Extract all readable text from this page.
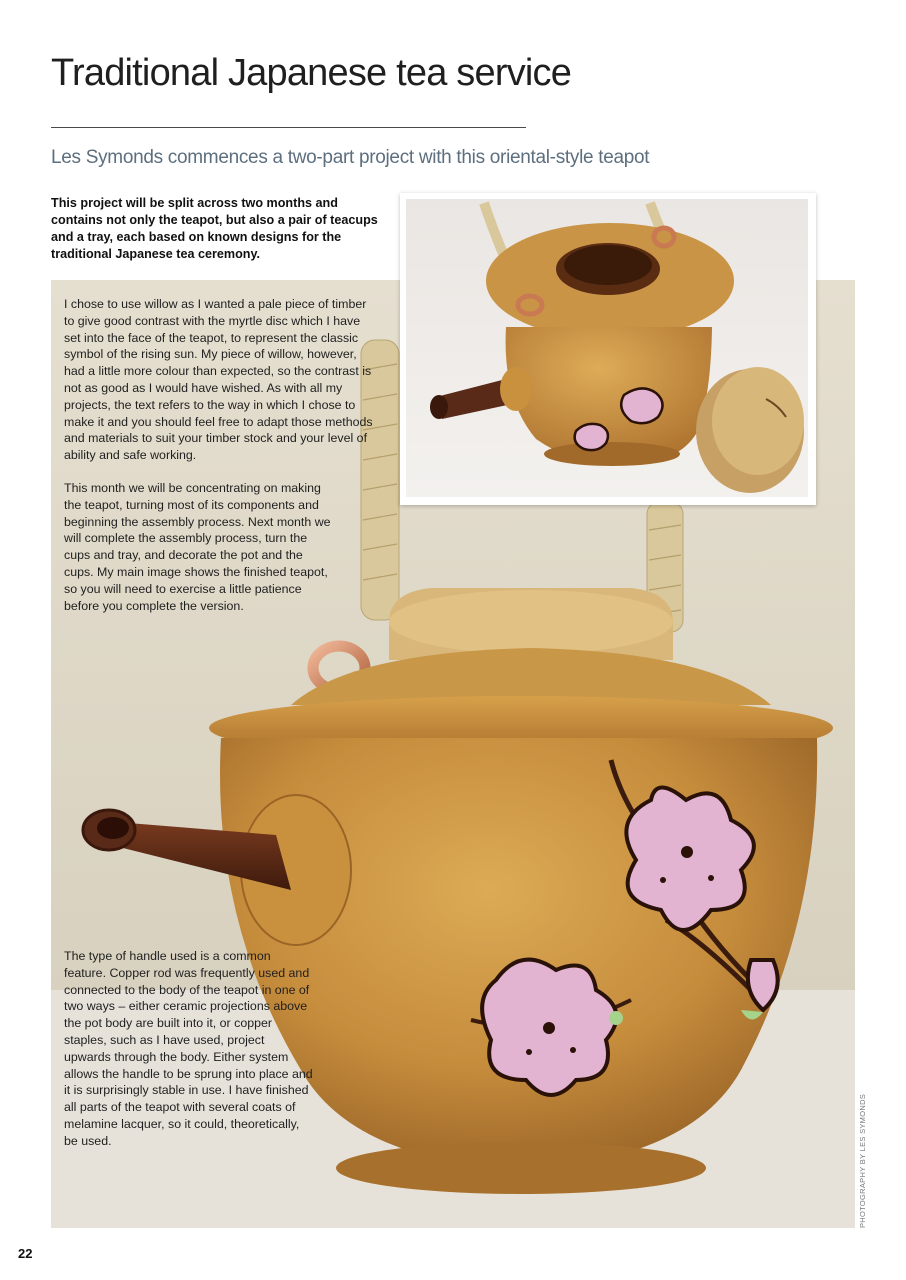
Traditional Japanese tea service
Les Symonds commences a two-part project with this oriental-style teapot

This project will be split across two months and contains not only the teapot, but also a pair of teacups and a tray, each based on known designs for the traditional Japanese tea ceremony.

I chose to use willow as I wanted a pale piece of timber to give good contrast with the myrtle disc which I have set into the face of the teapot, to represent the classic symbol of the rising sun. My piece of willow, however, had a little more colour than expected, so the contrast is not as good as I would have wished. As with all my projects, the text refers to the way in which I chose to make it and you should feel free to adapt those methods and materials to suit your timber stock and your level of ability and safe working.

This month we will be concentrating on making the teapot, turning most of its components and beginning the assembly process. Next month we will complete the assembly process, turn the cups and tray, and decorate the pot and the cups. My main image shows the finished teapot, so you will need to exercise a little patience before you complete the version.

The type of handle used is a common feature. Copper rod was frequently used and connected to the body of the teapot in one of two ways – either ceramic projections above the pot body are built into it, or copper staples, such as I have used, project upwards through the body. Either system allows the handle to be sprung into place and it is surprisingly stable in use. I have finished all parts of the teapot with several coats of melamine lacquer, so it could, theoretically, be used.	PHOTOGRAPHY BY LES SYMONDS
22
